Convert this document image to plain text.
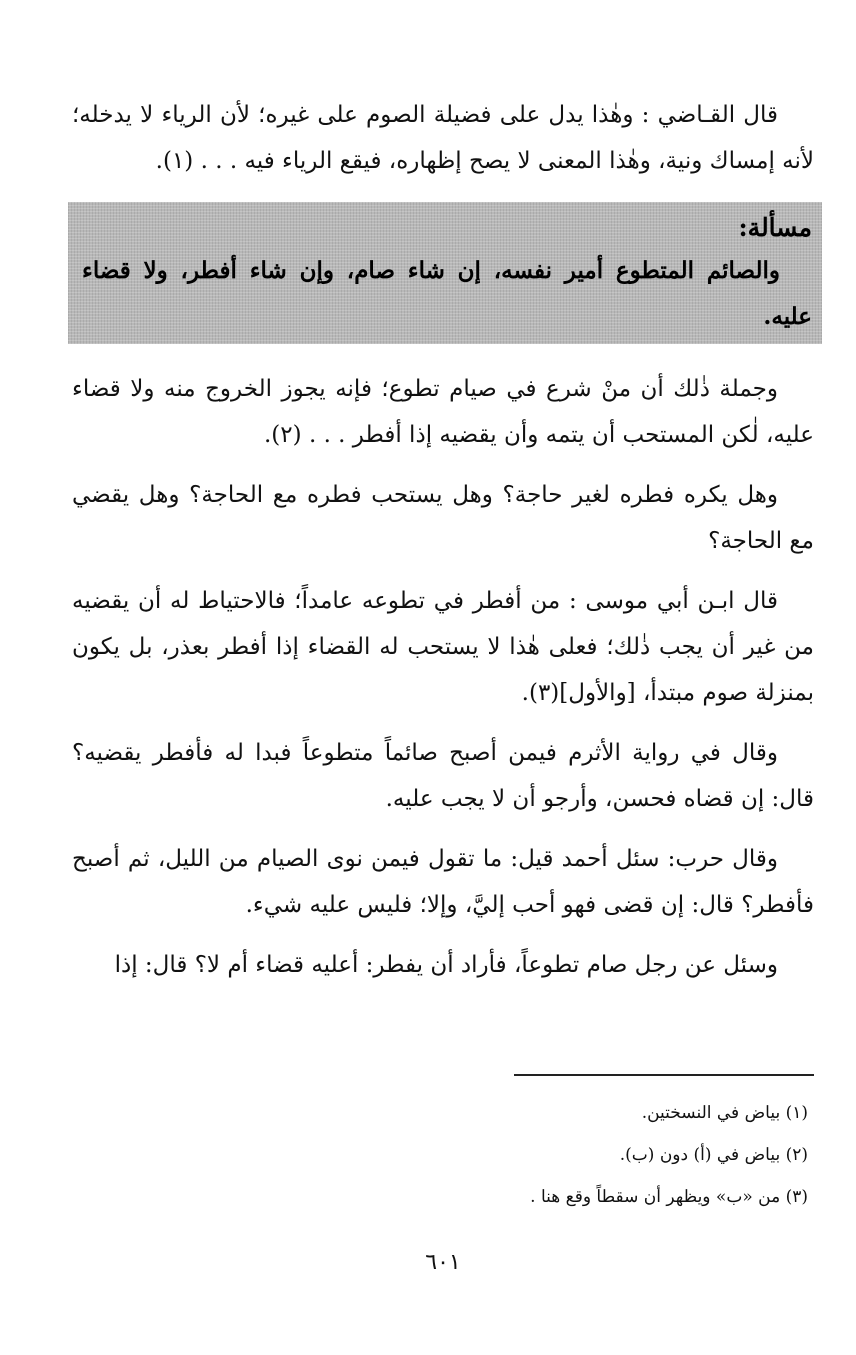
قال القـاضي : وهٰذا يدل على فضيلة الصوم على غيره؛ لأن الرياء لا يدخله؛ لأنه إمساك ونية، وهٰذا المعنى لا يصح إظهاره، فيقع الرياء فيه . . . (١).

مسألة:
والصائم المتطوع أمير نفسه، إن شاء صام، وإن شاء أفطر، ولا قضاء عليه.

وجملة ذٰلك أن منْ شرع في صيام تطوع؛ فإنه يجوز الخروج منه ولا قضاء عليه، لٰكن المستحب أن يتمه وأن يقضيه إذا أفطر . . . (٢).

وهل يكره فطره لغير حاجة؟ وهل يستحب فطره مع الحاجة؟ وهل يقضي مع الحاجة؟

قال ابـن أبي موسى : من أفطر في تطوعه عامداً؛ فالاحتياط له أن يقضيه من غير أن يجب ذٰلك؛ فعلى هٰذا لا يستحب له القضاء إذا أفطر بعذر، بل يكون بمنزلة صوم مبتدأ، [والأول](٣).

وقال في رواية الأثرم فيمن أصبح صائماً متطوعاً فبدا له فأفطر يقضيه؟ قال: إن قضاه فحسن، وأرجو أن لا يجب عليه.

وقال حرب: سئل أحمد قيل: ما تقول فيمن نوى الصيام من الليل، ثم أصبح فأفطر؟ قال: إن قضى فهو أحب إليَّ، وإلا؛ فليس عليه شيء.

وسئل عن رجل صام تطوعاً، فأراد أن يفطر: أعليه قضاء أم لا؟ قال: إذا

(١) بياض في النسختين.

(٢) بياض في (أ) دون (ب).

(٣) من «ب» ويظهر أن سقطاً وقع هنا .

٦٠١
